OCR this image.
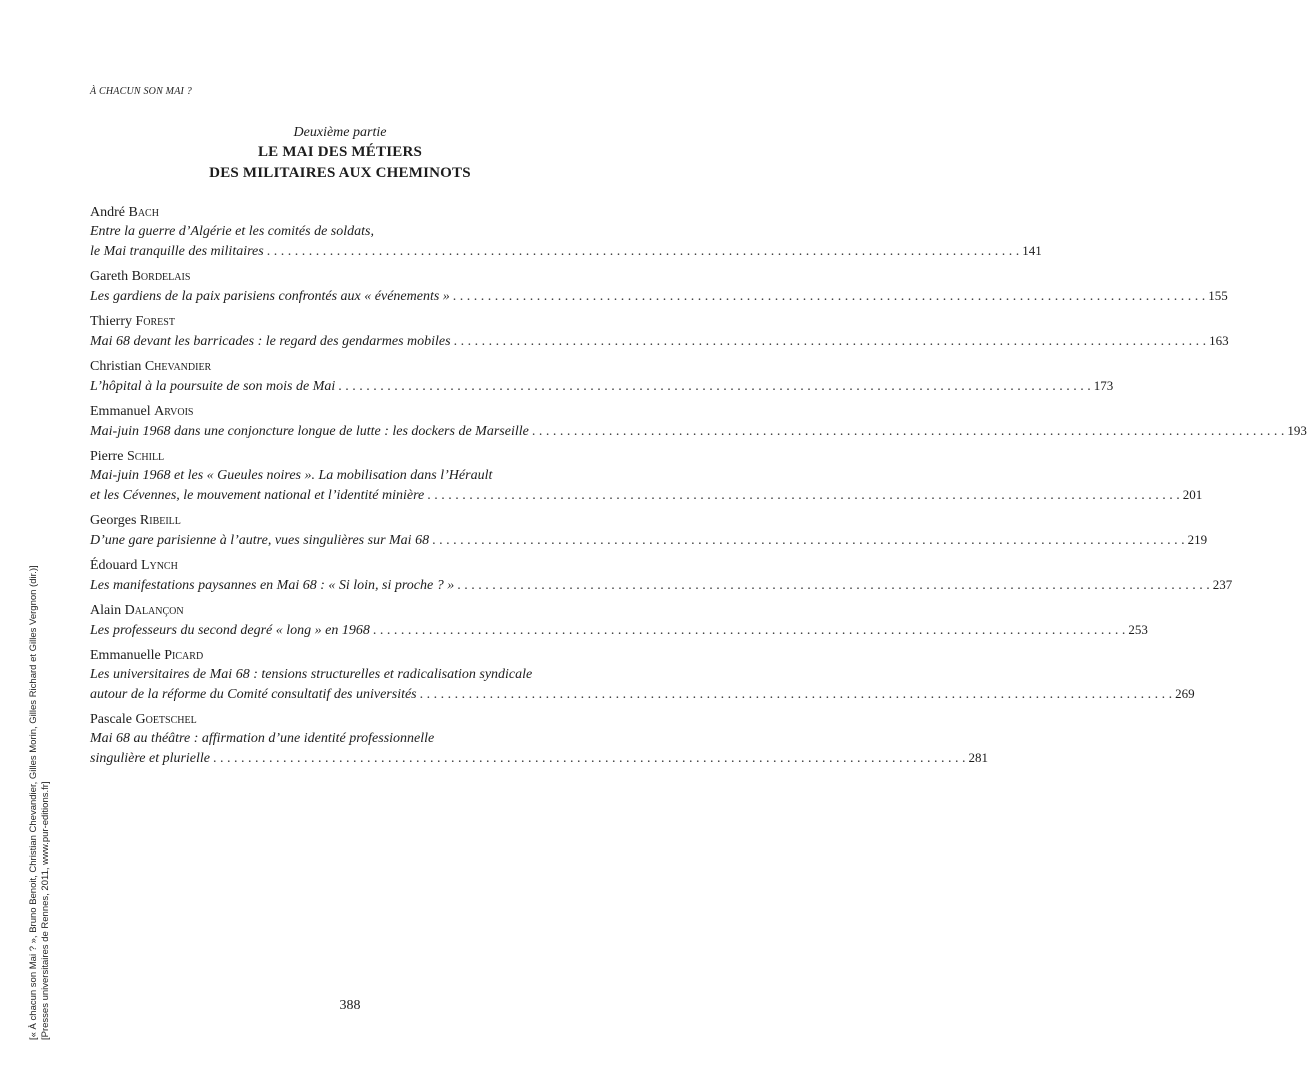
À CHACUN SON MAI ?
Deuxième partie
LE MAI DES MÉTIERS
DES MILITAIRES AUX CHEMINOTS
André Bach
Entre la guerre d’Algérie et les comités de soldats,
le Mai tranquille des militaires . . .	141
Gareth Bordelais
Les gardiens de la paix parisiens confrontés aux « événements » . . .	155
Thierry Forest
Mai 68 devant les barricades : le regard des gendarmes mobiles . . .	163
Christian Chevandier
L’hôpital à la poursuite de son mois de Mai . . .	173
Emmanuel Arvois
Mai-juin 1968 dans une conjoncture longue de lutte : les dockers de Marseille . . .	193
Pierre Schill
Mai-juin 1968 et les « Gueules noires ». La mobilisation dans l’Hérault
et les Cévennes, le mouvement national et l’identité minière . . .	201
Georges Ribeill
D’une gare parisienne à l’autre, vues singulières sur Mai 68 . . .	219
Édouard Lynch
Les manifestations paysannes en Mai 68 : « Si loin, si proche ? » . . .	237
Alain Dalançon
Les professeurs du second degré « long » en 1968 . . .	253
Emmanuelle Picard
Les universitaires de Mai 68 : tensions structurelles et radicalisation syndicale
autour de la réforme du Comité consultatif des universités . . .	269
Pascale Goetschel
Mai 68 au théâtre : affirmation d’une identité professionnelle
singulière et plurielle . . .	281
388
[« À chacun son Mai ? », Bruno Benoit, Christian Chevandier, Gilles Morin, Gilles Richard et Gilles Vergnon (dir.)] [Presses universitaires de Rennes, 2011, www.pur-editions.fr]
